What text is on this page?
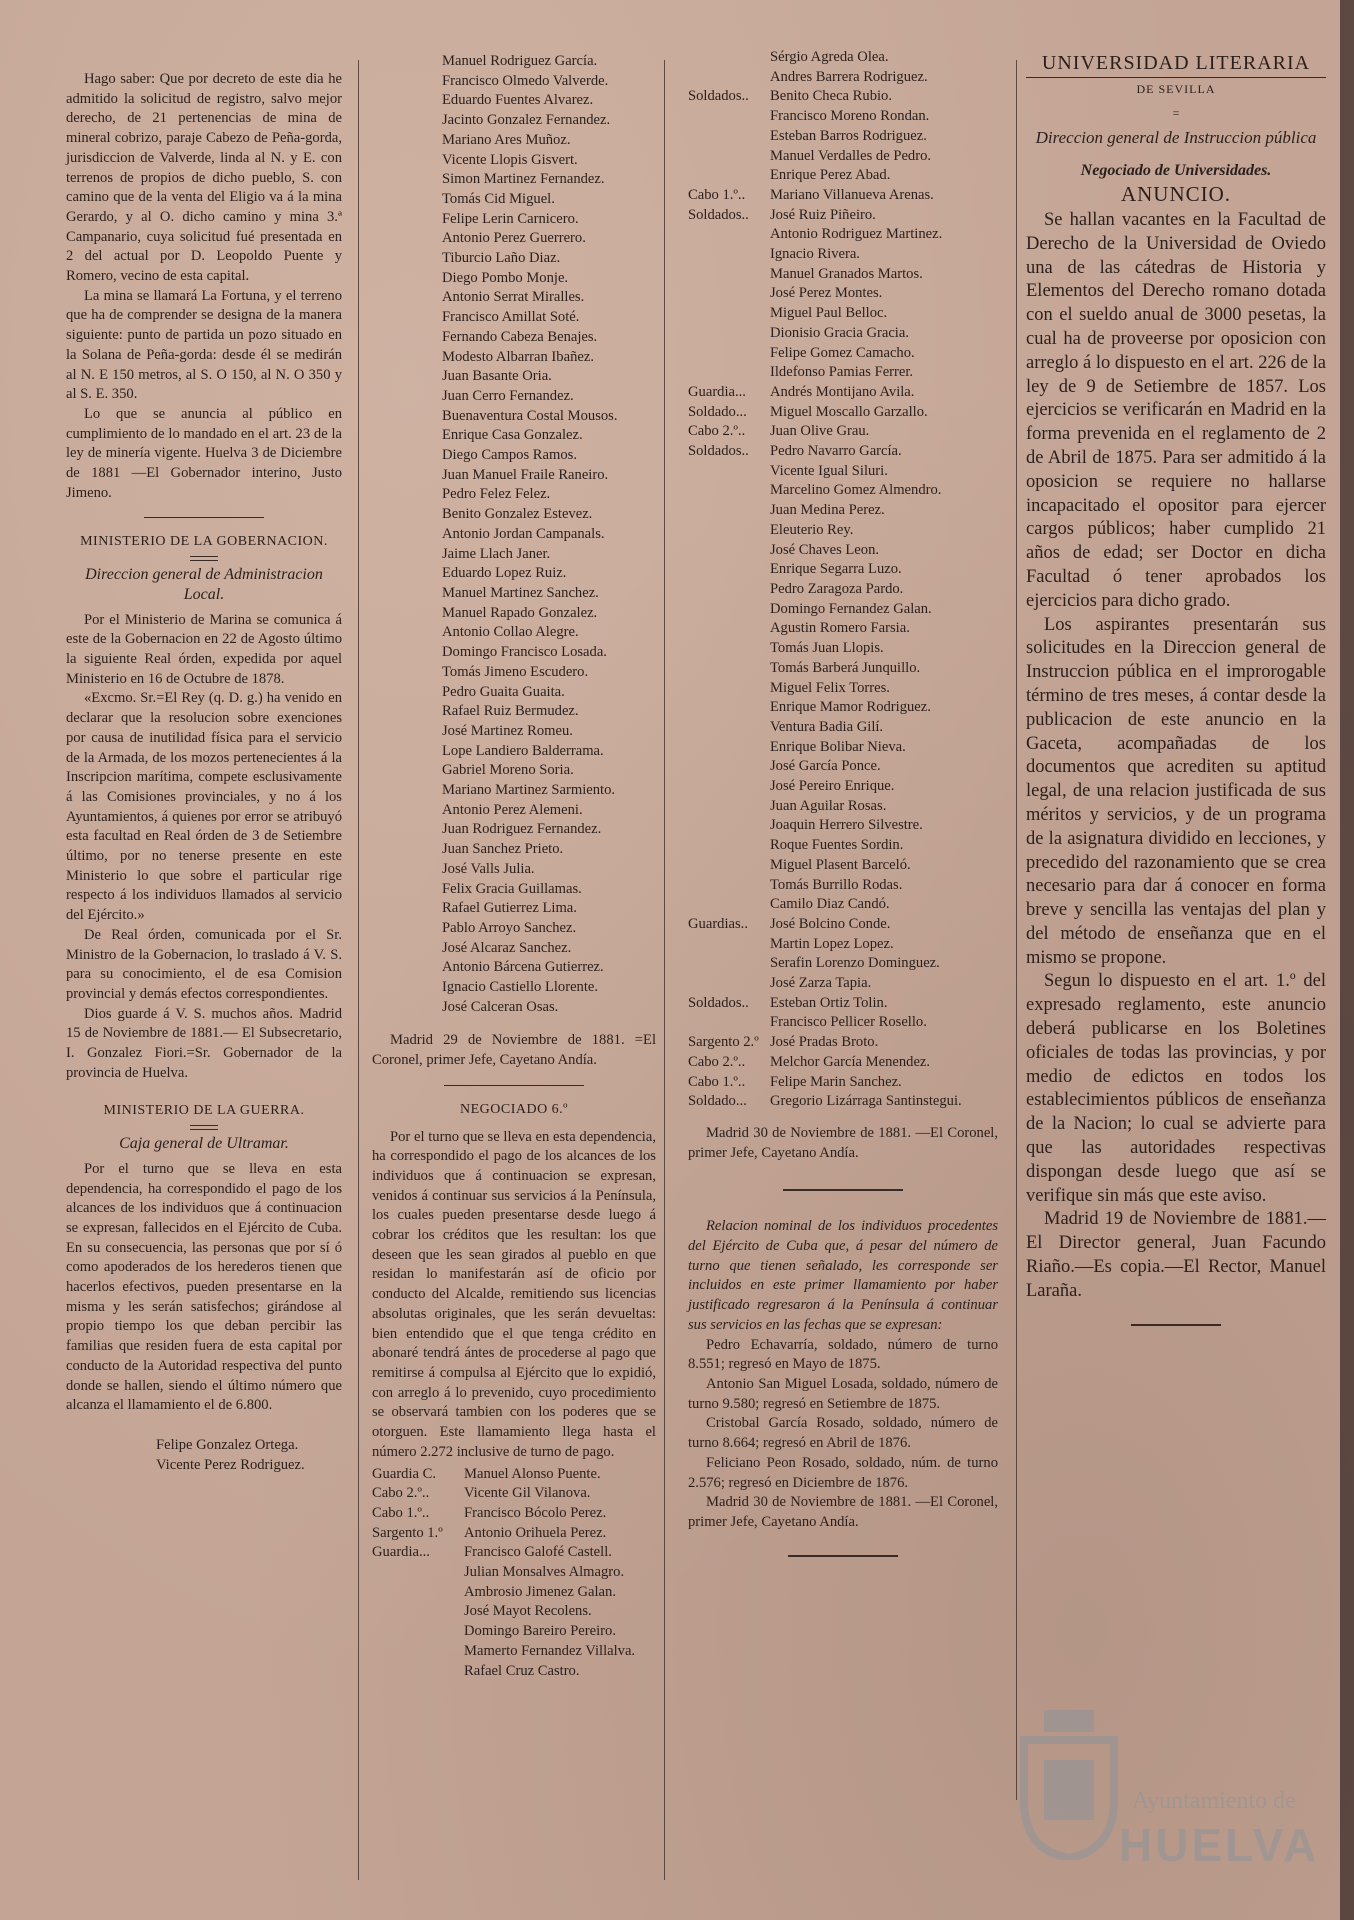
Hago saber: Que por decreto de este dia he admitido la solicitud de registro, salvo mejor derecho, de 21 pertenencias de mina de mineral cobrizo, paraje Cabezo de Peña-gorda, jurisdiccion de Valverde, linda al N. y E. con terrenos de propios de dicho pueblo, S. con camino que de la venta del Eligio va á la mina Gerardo, y al O. dicho camino y mina 3.ª Campanario, cuya solicitud fué presentada en 2 del actual por D. Leopoldo Puente y Romero, vecino de esta capital.

La mina se llamará La Fortuna, y el terreno que ha de comprender se designa de la manera siguiente: punto de partida un pozo situado en la Solana de Peña-gorda: desde él se medirán al N. E 150 metros, al S. O 150, al N. O 350 y al S. E. 350.

Lo que se anuncia al público en cumplimiento de lo mandado en el art. 23 de la ley de minería vigente. Huelva 3 de Diciembre de 1881 —El Gobernador interino, Justo Jimeno.

MINISTERIO DE LA GOBERNACION.
Direccion general de Administracion Local.

Por el Ministerio de Marina se comunica á este de la Gobernacion en 22 de Agosto último la siguiente Real órden, expedida por aquel Ministerio en 16 de Octubre de 1878.

«Excmo. Sr.=El Rey (q. D. g.) ha venido en declarar que la resolucion sobre exenciones por causa de inutilidad física para el servicio de la Armada, de los mozos pertenecientes á la Inscripcion marítima, compete esclusivamente á las Comisiones provinciales, y no á los Ayuntamientos, á quienes por error se atribuyó esta facultad en Real órden de 3 de Setiembre último, por no tenerse presente en este Ministerio lo que sobre el particular rige respecto á los individuos llamados al servicio del Ejército.»

De Real órden, comunicada por el Sr. Ministro de la Gobernacion, lo traslado á V. S. para su conocimiento, el de esa Comision provincial y demás efectos correspondientes.

Dios guarde á V. S. muchos años. Madrid 15 de Noviembre de 1881.— El Subsecretario, I. Gonzalez Fiori.=Sr. Gobernador de la provincia de Huelva.

MINISTERIO DE LA GUERRA.
Caja general de Ultramar.

Por el turno que se lleva en esta dependencia, ha correspondido el pago de los alcances de los individuos que á continuacion se expresan, fallecidos en el Ejército de Cuba. En su consecuencia, las personas que por sí ó como apoderados de los herederos tienen que hacerlos efectivos, pueden presentarse en la misma y les serán satisfechos; girándose al propio tiempo los que deban percibir las familias que residen fuera de esta capital por conducto de la Autoridad respectiva del punto donde se hallen, siendo el último número que alcanza el llamamiento el de 6.800.

Felipe Gonzalez Ortega.
Vicente Perez Rodriguez.
Manuel Rodriguez García.
Francisco Olmedo Valverde.
Eduardo Fuentes Alvarez.
Jacinto Gonzalez Fernandez.
Mariano Ares Muñoz.
Vicente Llopis Gisvert.
Simon Martinez Fernandez.
Tomás Cid Miguel.
Felipe Lerin Carnicero.
Antonio Perez Guerrero.
Tiburcio Laño Diaz.
Diego Pombo Monje.
Antonio Serrat Miralles.
Francisco Amillat Soté.
Fernando Cabeza Benajes.
Modesto Albarran Ibañez.
Juan Basante Oria.
Juan Cerro Fernandez.
Buenaventura Costal Mousos.
Enrique Casa Gonzalez.
Diego Campos Ramos.
Juan Manuel Fraile Raneiro.
Pedro Felez Felez.
Benito Gonzalez Estevez.
Antonio Jordan Campanals.
Jaime Llach Janer.
Eduardo Lopez Ruiz.
Manuel Martinez Sanchez.
Manuel Rapado Gonzalez.
Antonio Collao Alegre.
Domingo Francisco Losada.
Tomás Jimeno Escudero.
Pedro Guaita Guaita.
Rafael Ruiz Bermudez.
José Martinez Romeu.
Lope Landiero Balderrama.
Gabriel Moreno Soria.
Mariano Martinez Sarmiento.
Antonio Perez Alemeni.
Juan Rodriguez Fernandez.
Juan Sanchez Prieto.
José Valls Julia.
Felix Gracia Guillamas.
Rafael Gutierrez Lima.
Pablo Arroyo Sanchez.
José Alcaraz Sanchez.
Antonio Bárcena Gutierrez.
Ignacio Castiello Llorente.
José Calceran Osas.

Madrid 29 de Noviembre de 1881. =El Coronel, primer Jefe, Cayetano Andía.

NEGOCIADO 6.º

Por el turno que se lleva en esta dependencia, ha correspondido el pago de los alcances de los individuos que á continuacion se expresan, venidos á continuar sus servicios á la Península, los cuales pueden presentarse desde luego á cobrar los créditos que les resultan: los que deseen que les sean girados al pueblo en que residan lo manifestarán así de oficio por conducto del Alcalde, remitiendo sus licencias absolutas originales, que les serán devueltas: bien entendido que el que tenga crédito en abonaré tendrá ántes de procederse al pago que remitirse á compulsa al Ejército que lo expidió, con arreglo á lo prevenido, cuyo procedimiento se observará tambien con los poderes que se otorguen. Este llamamiento llega hasta el número 2.272 inclusive de turno de pago.

Guardia C. Manuel Alonso Puente.
Cabo 2.º.. Vicente Gil Vilanova.
Cabo 1.º.. Francisco Bócolo Perez.
Sargento 1.º Antonio Orihuela Perez.
Guardia... Francisco Galofé Castell.
Julian Monsalves Almagro.
Ambrosio Jimenez Galan.
José Mayot Recolens.
Domingo Bareiro Pereiro.
Mamerto Fernandez Villalva.
Rafael Cruz Castro.
Sérgio Agreda Olea.
Andres Barrera Rodriguez.
Soldados.. Benito Checa Rubio.
Francisco Moreno Rondan.
Esteban Barros Rodriguez.
Manuel Verdalles de Pedro.
Enrique Perez Abad.
Cabo 1.º.. Mariano Villanueva Arenas.
Soldados.. José Ruiz Piñeiro.
Antonio Rodriguez Martinez.
Ignacio Rivera.
Manuel Granados Martos.
José Perez Montes.
Miguel Paul Belloc.
Dionisio Gracia Gracia.
Felipe Gomez Camacho.
Ildefonso Pamias Ferrer.
Guardia... Andrés Montijano Avila.
Soldado... Miguel Moscallo Garzallo.
Cabo 2.º.. Juan Olive Grau.
Soldados.. Pedro Navarro García.
Vicente Igual Siluri.
Marcelino Gomez Almendro.
Juan Medina Perez.
Eleuterio Rey.
José Chaves Leon.
Enrique Segarra Luzo.
Pedro Zaragoza Pardo.
Domingo Fernandez Galan.
Agustin Romero Farsia.
Tomás Juan Llopis.
Tomás Barberá Junquillo.
Miguel Felix Torres.
Enrique Mamor Rodriguez.
Ventura Badia Gilí.
Enrique Bolibar Nieva.
José García Ponce.
José Pereiro Enrique.
Juan Aguilar Rosas.
Joaquin Herrero Silvestre.
Roque Fuentes Sordin.
Miguel Plasent Barceló.
Tomás Burrillo Rodas.
Camilo Diaz Candó.
Guardias.. José Bolcino Conde.
Martin Lopez Lopez.
Serafin Lorenzo Dominguez.
José Zarza Tapia.
Soldados.. Esteban Ortiz Tolin.
Francisco Pellicer Rosello.
Sargento 2.º José Pradas Broto.
Cabo 2.º.. Melchor García Menendez.
Cabo 1.º.. Felipe Marin Sanchez.
Soldado... Gregorio Lizárraga Santinstegui.

Madrid 30 de Noviembre de 1881. —El Coronel, primer Jefe, Cayetano Andía.

Relacion nominal de los individuos procedentes del Ejército de Cuba que, á pesar del número de turno que tienen señalado, les corresponde ser incluidos en este primer llamamiento por haber justificado regresaron á la Península á continuar sus servicios en las fechas que se expresan:

Pedro Echavarría, soldado, número de turno 8.551; regresó en Mayo de 1875.

Antonio San Miguel Losada, soldado, número de turno 9.580; regresó en Setiembre de 1875.

Cristobal García Rosado, soldado, número de turno 8.664; regresó en Abril de 1876.

Feliciano Peon Rosado, soldado, núm. de turno 2.576; regresó en Diciembre de 1876.

Madrid 30 de Noviembre de 1881. —El Coronel, primer Jefe, Cayetano Andía.

UNIVERSIDAD LITERARIA
DE SEVILLA
=
Direccion general de Instruccion pública
Negociado de Universidades.
ANUNCIO.

Se hallan vacantes en la Facultad de Derecho de la Universidad de Oviedo una de las cátedras de Historia y Elementos del Derecho romano dotada con el sueldo anual de 3000 pesetas, la cual ha de proveerse por oposicion con arreglo á lo dispuesto en el art. 226 de la ley de 9 de Setiembre de 1857. Los ejercicios se verificarán en Madrid en la forma prevenida en el reglamento de 2 de Abril de 1875. Para ser admitido á la oposicion se requiere no hallarse incapacitado el opositor para ejercer cargos públicos; haber cumplido 21 años de edad; ser Doctor en dicha Facultad ó tener aprobados los ejercicios para dicho grado.

Los aspirantes presentarán sus solicitudes en la Direccion general de Instruccion pública en el improrogable término de tres meses, á contar desde la publicacion de este anuncio en la Gaceta, acompañadas de los documentos que acrediten su aptitud legal, de una relacion justificada de sus méritos y servicios, y de un programa de la asignatura dividido en lecciones, y precedido del razonamiento que se crea necesario para dar á conocer en forma breve y sencilla las ventajas del plan y del método de enseñanza que en el mismo se propone.

Segun lo dispuesto en el art. 1.º del expresado reglamento, este anuncio deberá publicarse en los Boletines oficiales de todas las provincias, y por medio de edictos en todos los establecimientos públicos de enseñanza de la Nacion; lo cual se advierte para que las autoridades respectivas dispongan desde luego que así se verifique sin más que este aviso.

Madrid 19 de Noviembre de 1881.—El Director general, Juan Facundo Riaño.—Es copia.—El Rector, Manuel Laraña.

Ayuntamiento de
HUELVA
